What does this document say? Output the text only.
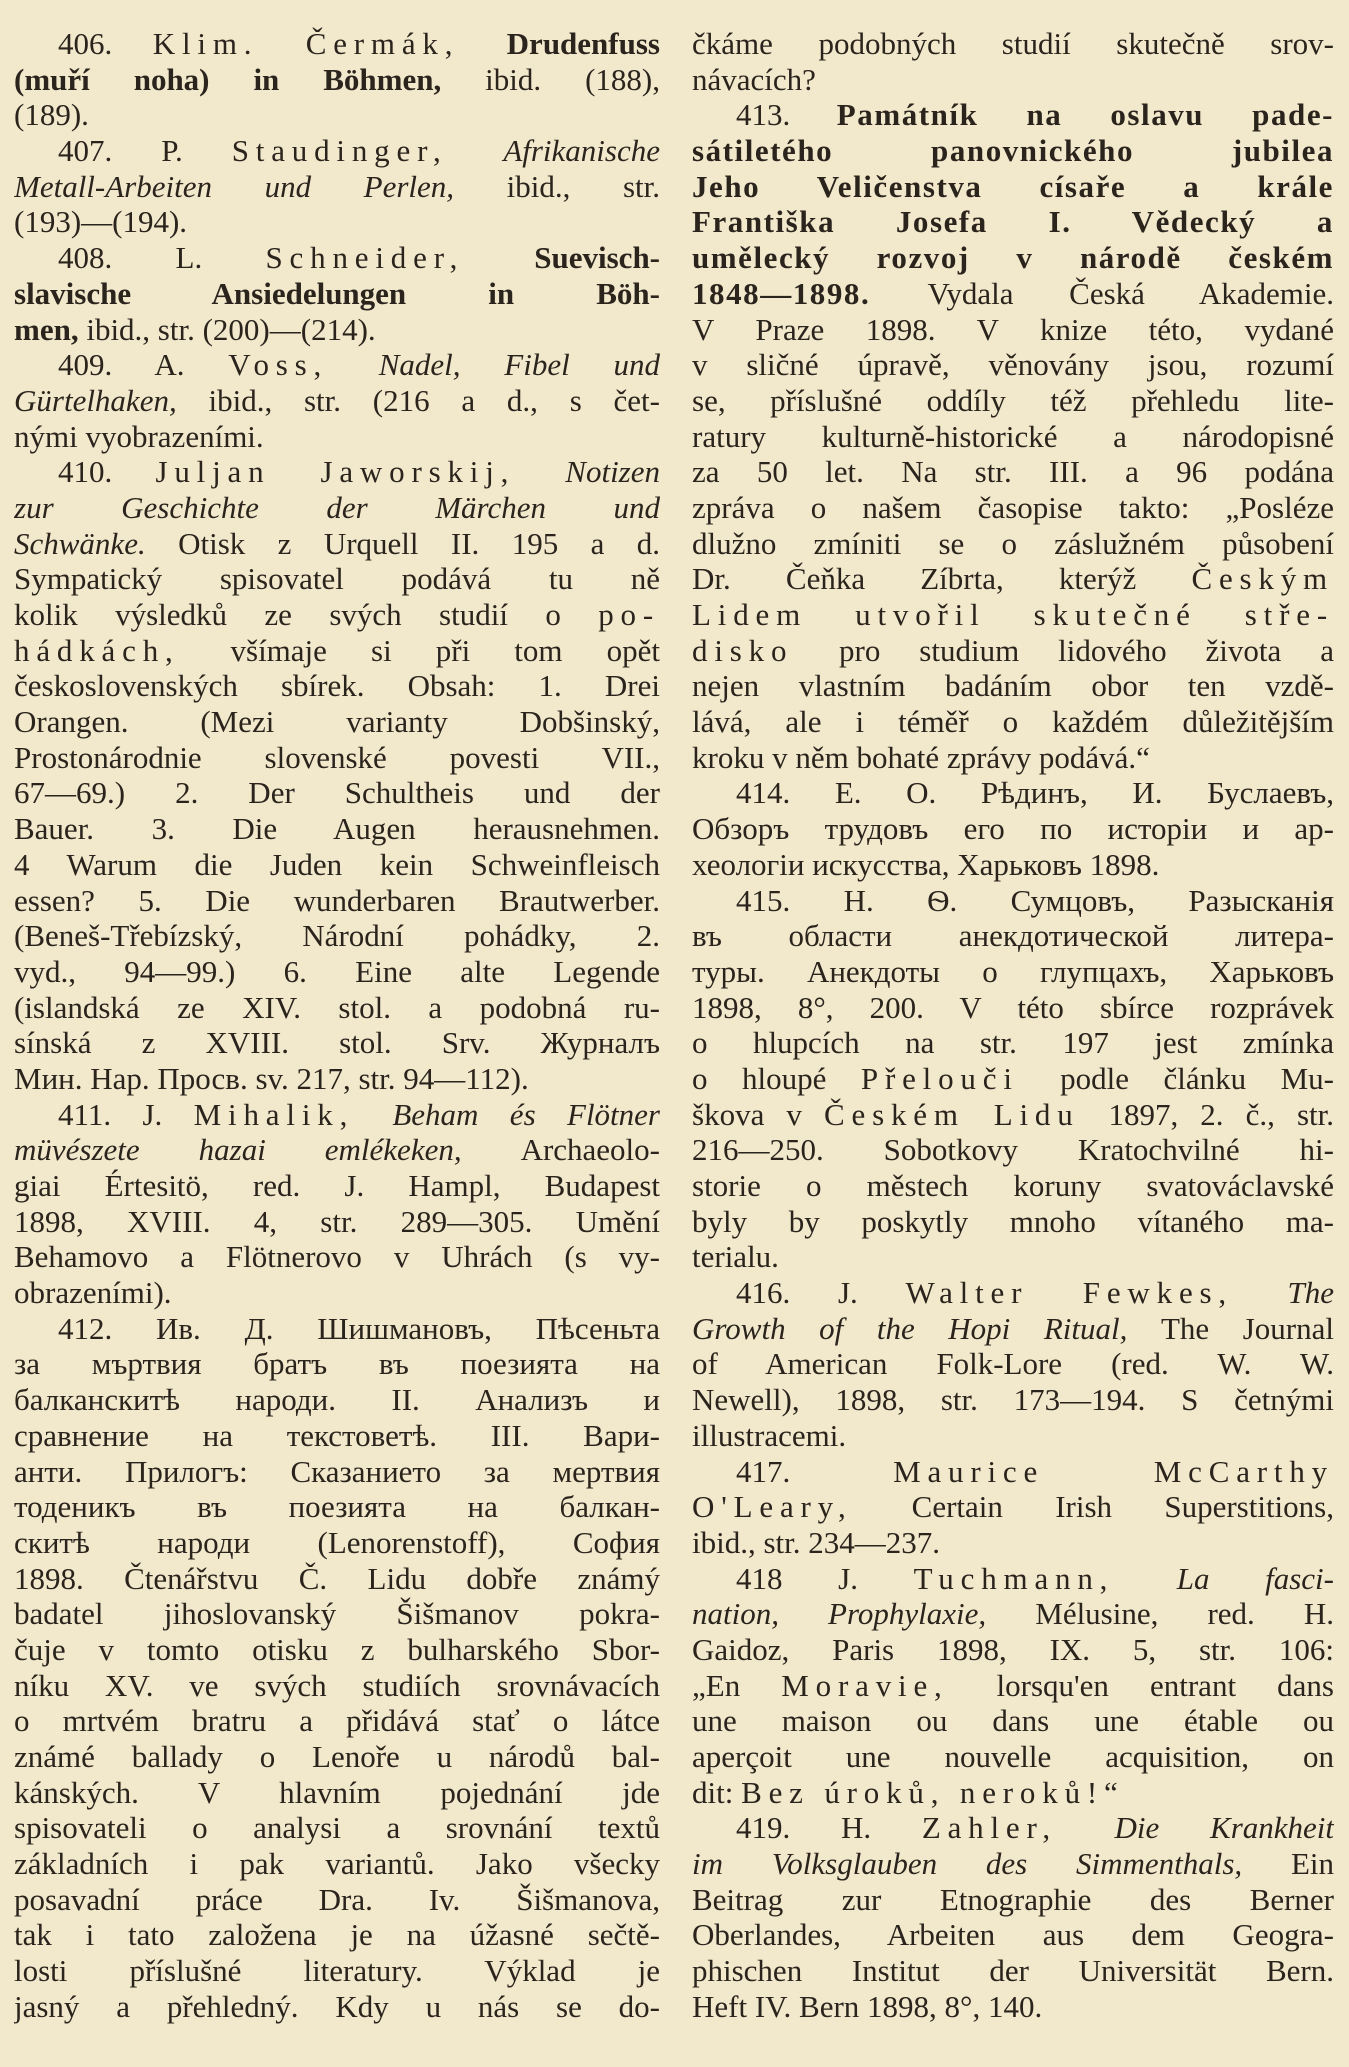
406. Klim. Čermák, Drudenfuss
(muří noha) in Böhmen, ibid. (188),
(189).
407. P. Staudinger, Afrikanische
Metall-Arbeiten und Perlen, ibid., str.
(193)—(194).
408. L. Schneider, Suevisch-
slavische Ansiedelungen in Böh-
men, ibid., str. (200)—(214).
409. A. Voss, Nadel, Fibel und
Gürtelhaken, ibid., str. (216 a d., s čet-
nými vyobrazeními.
410. Juljan Jaworskij, Notizen
zur Geschichte der Märchen und
Schwänke. Otisk z Urquell II. 195 a d.
Sympatický spisovatel podává tu ně
kolik výsledků ze svých studií o po-
hádkách, všímaje si při tom opět
československých sbírek. Obsah: 1. Drei
Orangen. (Mezi varianty Dobšinský,
Prostonárodnie slovenské povesti VII.,
67—69.) 2. Der Schultheis und der
Bauer. 3. Die Augen herausnehmen.
4 Warum die Juden kein Schweinfleisch
essen? 5. Die wunderbaren Brautwerber.
(Beneš-Třebízský, Národní pohádky, 2.
vyd., 94—99.) 6. Eine alte Legende
(islandská ze XIV. stol. a podobná ru-
sínská z XVIII. stol. Srv. Журналъ
Мин. Нар. Просв. sv. 217, str. 94—112).
411. J. Mihalik, Beham és Flötner
müvészete hazai emlékeken, Archaeolo-
giai Értesitö, red. J. Hampl, Budapest
1898, XVIII. 4, str. 289—305. Umění
Behamovo a Flötnerovo v Uhrách (s vy-
obrazeními).
412. Ив. Д. Шишмановъ, Пѣсеньта
за мъртвия братъ въ поезията на
балканскитѣ народи. II. Анализъ и
сравнение на текстоветѣ. III. Вари-
анти. Прилогъ: Сказанието за мертвия
тоденикъ въ поезията на балкан-
скитѣ народи (Lenorenstoff), София
1898. Čtenářstvu Č. Lidu dobře známý
badatel jihoslovanský Šišmanov pokra-
čuje v tomto otisku z bulharského Sbor-
níku XV. ve svých studiích srovnávacích
o mrtvém bratru a přidává stať o látce
známé ballady o Lenoře u národů bal-
kánských. V hlavním pojednání jde
spisovateli o analysi a srovnání textů
základních i pak variantů. Jako všecky
posavadní práce Dra. Iv. Šišmanova,
tak i tato založena je na úžasné sečtě-
losti příslušné literatury. Výklad je
jasný a přehledný. Kdy u nás se do-
čkáme podobných studií skutečně srov-
návacích?
413. Památník na oslavu pade-
sátiletého panovnického jubilea
Jeho Veličenstva císaře a krále
Františka Josefa I. Vědecký a
umělecký rozvoj v národě českém
1848—1898. Vydala Česká Akademie.
V Praze 1898. V knize této, vydané
v sličné úpravě, věnovány jsou, rozumí
se, příslušné oddíly též přehledu lite-
ratury kulturně-historické a národopisné
za 50 let. Na str. III. a 96 podána
zpráva o našem časopise takto: „Posléze
dlužno zmíniti se o záslužném působení
Dr. Čeňka Zíbrta, kterýž Českým
Lidem utvořil skutečné stře-
disko pro studium lidového života a
nejen vlastním badáním obor ten vzdě-
lává, ale i téměř o každém důležitějším
kroku v něm bohaté zprávy podává.“
414. Е. О. Рѣдинъ, И. Буслаевъ,
Обзоръ трудовъ его по исторiи и ар-
хеологiи искусства, Харьковъ 1898.
415. Н. Ѳ. Сумцовъ, Разысканiя
въ области анекдотической литера-
туры. Анекдоты о глупцахъ, Харьковъ
1898, 8°, 200. V této sbírce rozprávek
o hlupcích na str. 197 jest zmínka
o hloupé Přelouči podle článku Mu-
škova v Českém Lidu 1897, 2. č., str.
216—250. Sobotkovy Kratochvilné hi-
storie o městech koruny svatováclavské
byly by poskytly mnoho vítaného ma-
terialu.
416. J. Walter Fewkes, The
Growth of the Hopi Ritual, The Journal
of American Folk-Lore (red. W. W.
Newell), 1898, str. 173—194. S četnými
illustracemi.
417. Maurice McCarthy
O'Leary, Certain Irish Superstitions,
ibid., str. 234—237.
418 J. Tuchmann, La fasci-
nation, Prophylaxie, Mélusine, red. H.
Gaidoz, Paris 1898, IX. 5, str. 106:
„En Moravie, lorsqu'en entrant dans
une maison ou dans une étable ou
aperçoit une nouvelle acquisition, on
dit: Bez úroků, neroků!“
419. H. Zahler, Die Krankheit
im Volksglauben des Simmenthals, Ein
Beitrag zur Etnographie des Berner
Oberlandes, Arbeiten aus dem Geogra-
phischen Institut der Universität Bern.
Heft IV. Bern 1898, 8°, 140.
